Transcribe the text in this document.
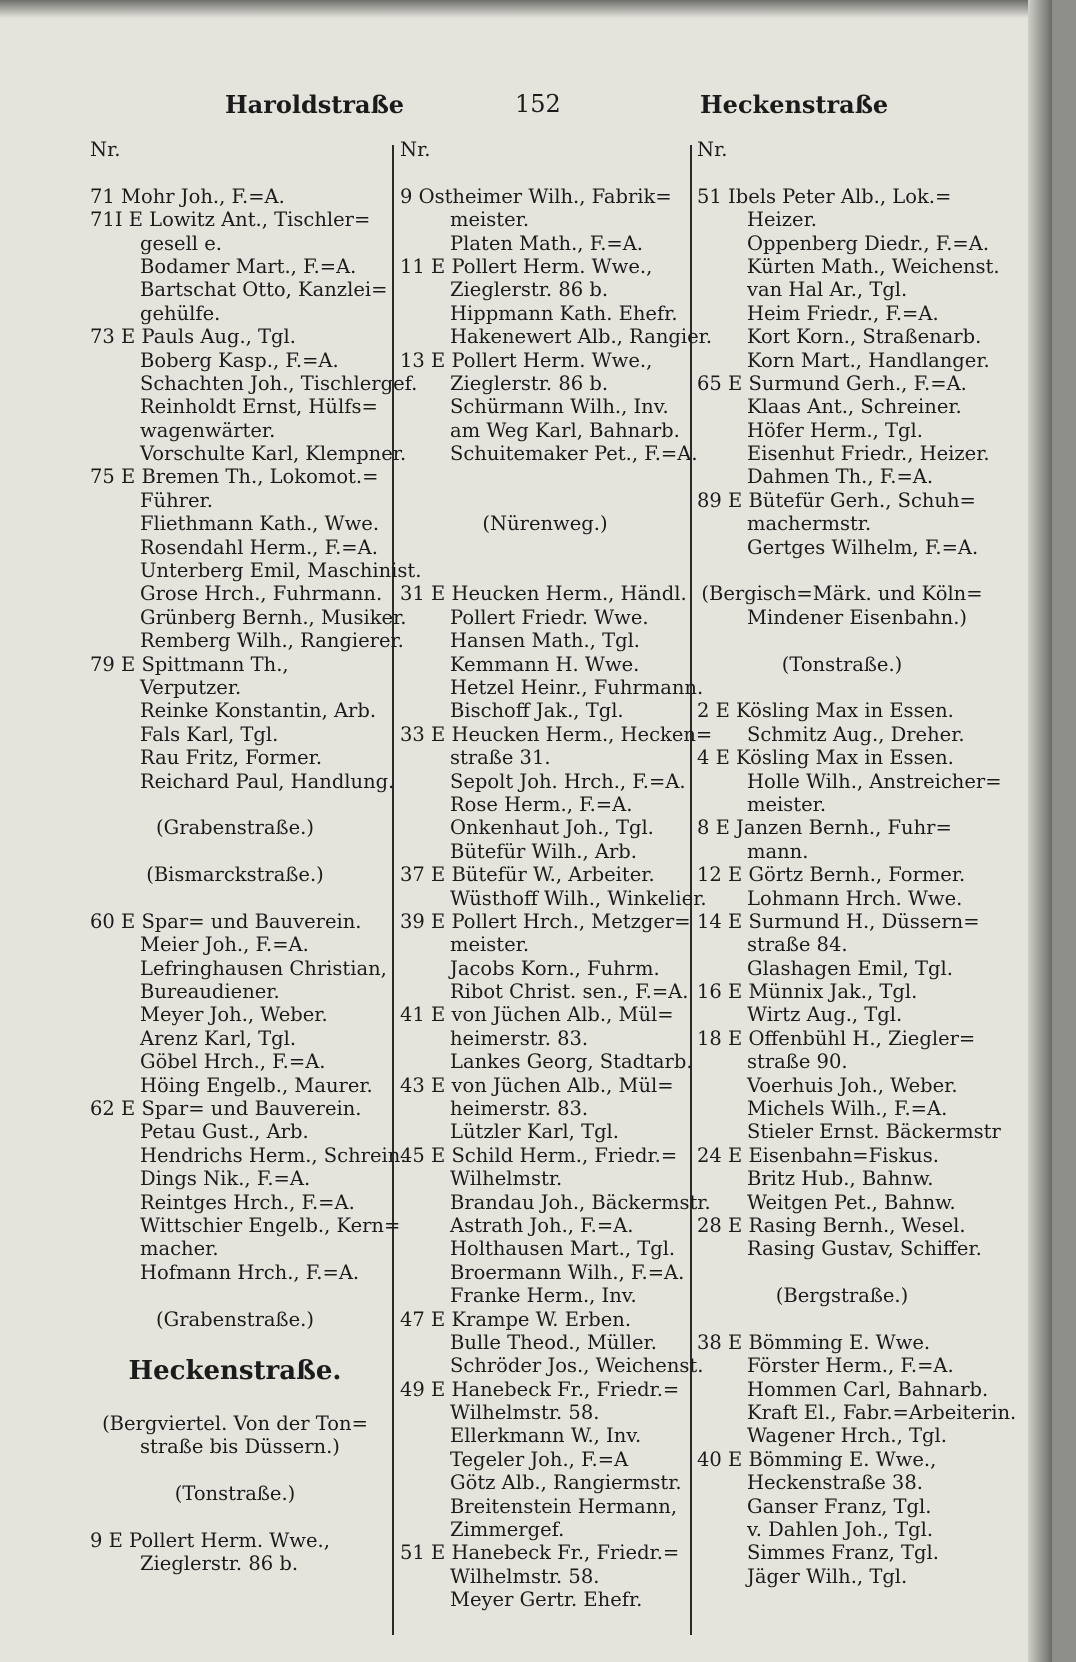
Haroldstraße	152	Heckenstraße
Nr.
71 Mohr Joh., F.=A.
71I E Lowitz Ant., Tischler=
gesell e.
Bodamer Mart., F.=A.
Bartschat Otto, Kanzlei=
gehülfe.
73 E Pauls Aug., Tgl.
Boberg Kasp., F.=A.
Schachten Joh., Tischlergef.
Reinholdt Ernst, Hülfs=
wagenwärter.
Vorschulte Karl, Klempner.
75 E Bremen Th., Lokomot.=
Führer.
Fliethmann Kath., Wwe.
Rosendahl Herm., F.=A.
Unterberg Emil, Maschinist.
Grose Hrch., Fuhrmann.
Grünberg Bernh., Musiker.
Remberg Wilh., Rangierer.
79 E Spittmann Th.,
Verputzer.
Reinke Konstantin, Arb.
Fals Karl, Tgl.
Rau Fritz, Former.
Reichard Paul, Handlung.
(Grabenstraße.)
(Bismarckstraße.)
60 E Spar= und Bauverein.
Meier Joh., F.=A.
Lefringhausen Christian,
Bureaudiener.
Meyer Joh., Weber.
Arenz Karl, Tgl.
Göbel Hrch., F.=A.
Höing Engelb., Maurer.
62 E Spar= und Bauverein.
Petau Gust., Arb.
Hendrichs Herm., Schrein.
Dings Nik., F.=A.
Reintges Hrch., F.=A.
Wittschier Engelb., Kern=
macher.
Hofmann Hrch., F.=A.
(Grabenstraße.)
Heckenstraße.
(Bergviertel. Von der Ton=
straße bis Düssern.)
(Tonstraße.)
9 E Pollert Herm. Wwe.,
Zieglerstr. 86 b.
Nr.
9 Ostheimer Wilh., Fabrik=
meister.
Platen Math., F.=A.
11 E Pollert Herm. Wwe.,
Zieglerstr. 86 b.
Hippmann Kath. Ehefr.
Hakenewert Alb., Rangier.
13 E Pollert Herm. Wwe.,
Zieglerstr. 86 b.
Schürmann Wilh., Inv.
am Weg Karl, Bahnarb.
Schuitemaker Pet., F.=A.
(Nürenweg.)
31 E Heucken Herm., Händl.
Pollert Friedr. Wwe.
Hansen Math., Tgl.
Kemmann H. Wwe.
Hetzel Heinr., Fuhrmann.
Bischoff Jak., Tgl.
33 E Heucken Herm., Hecken=
straße 31.
Sepolt Joh. Hrch., F.=A.
Rose Herm., F.=A.
Onkenhaut Joh., Tgl.
Bütefür Wilh., Arb.
37 E Bütefür W., Arbeiter.
Wüsthoff Wilh., Winkelier.
39 E Pollert Hrch., Metzger=
meister.
Jacobs Korn., Fuhrm.
Ribot Christ. sen., F.=A.
41 E von Jüchen Alb., Mül=
heimerstr. 83.
Lankes Georg, Stadtarb.
43 E von Jüchen Alb., Mül=
heimerstr. 83.
Lützler Karl, Tgl.
45 E Schild Herm., Friedr.=
Wilhelmstr.
Brandau Joh., Bäckermstr.
Astrath Joh., F.=A.
Holthausen Mart., Tgl.
Broermann Wilh., F.=A.
Franke Herm., Inv.
47 E Krampe W. Erben.
Bulle Theod., Müller.
Schröder Jos., Weichenst.
49 E Hanebeck Fr., Friedr.=
Wilhelmstr. 58.
Ellerkmann W., Inv.
Tegeler Joh., F.=A
Götz Alb., Rangiermstr.
Breitenstein Hermann,
Zimmergef.
51 E Hanebeck Fr., Friedr.=
Wilhelmstr. 58.
Meyer Gertr. Ehefr.
Nr.
51 Ibels Peter Alb., Lok.=
Heizer.
Oppenberg Diedr., F.=A.
Kürten Math., Weichenst.
van Hal Ar., Tgl.
Heim Friedr., F.=A.
Kort Korn., Straßenarb.
Korn Mart., Handlanger.
65 E Surmund Gerh., F.=A.
Klaas Ant., Schreiner.
Höfer Herm., Tgl.
Eisenhut Friedr., Heizer.
Dahmen Th., F.=A.
89 E Bütefür Gerh., Schuh=
machermstr.
Gertges Wilhelm, F.=A.
(Bergisch=Märk. und Köln=
Mindener Eisenbahn.)
(Tonstraße.)
2 E Kösling Max in Essen.
Schmitz Aug., Dreher.
4 E Kösling Max in Essen.
Holle Wilh., Anstreicher=
meister.
8 E Janzen Bernh., Fuhr=
mann.
12 E Görtz Bernh., Former.
Lohmann Hrch. Wwe.
14 E Surmund H., Düssern=
straße 84.
Glashagen Emil, Tgl.
16 E Münnix Jak., Tgl.
Wirtz Aug., Tgl.
18 E Offenbühl H., Ziegler=
straße 90.
Voerhuis Joh., Weber.
Michels Wilh., F.=A.
Stieler Ernst. Bäckermstr
24 E Eisenbahn=Fiskus.
Britz Hub., Bahnw.
Weitgen Pet., Bahnw.
28 E Rasing Bernh., Wesel.
Rasing Gustav, Schiffer.
(Bergstraße.)
38 E Bömming E. Wwe.
Förster Herm., F.=A.
Hommen Carl, Bahnarb.
Kraft El., Fabr.=Arbeiterin.
Wagener Hrch., Tgl.
40 E Bömming E. Wwe.,
Heckenstraße 38.
Ganser Franz, Tgl.
v. Dahlen Joh., Tgl.
Simmes Franz, Tgl.
Jäger Wilh., Tgl.
